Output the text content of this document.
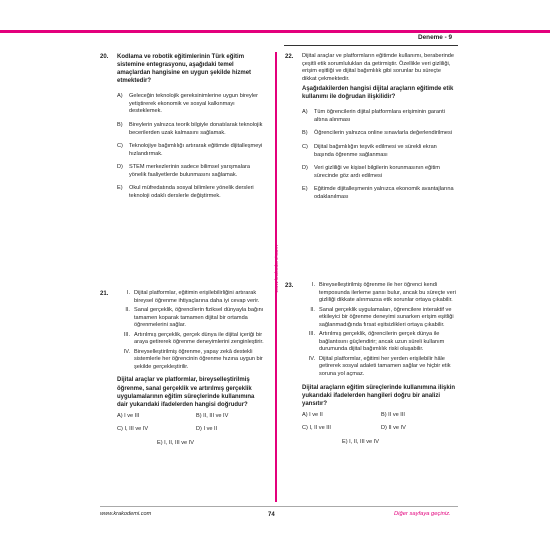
Deneme - 9
www.krakodemi.com
20. Kodlama ve robotik eğitimlerinin Türk eğitim sistemine entegrasyonu, aşağıdaki temel amaçlardan hangisine en uygun şekilde hizmet etmektedir?
A)	Geleceğin teknolojik gereksinimlerine uygun bireyler yetiştirerek ekonomik ve sosyal kalkınmayı desteklemek.
B)	Bireylerin yalnızca teorik bilgiyle donatılarak teknolojik becerilerden uzak kalmasını sağlamak.
C)	Teknolojiye bağımlılığı artırarak eğitimde dijitalleşmeyi hızlandırmak.
D)	STEM merkezlerinin sadece bilimsel yarışmalara yönelik faaliyetlerde bulunmasını sağlamak.
E)	Okul müfredatında sosyal bilimlere yönelik dersleri teknoloji odaklı derslerle değiştirmek.
21.	I. Dijital platformlar, eğitimin erişilebilirliğini artırarak bireysel öğrenme ihtiyaçlarına daha iyi cevap verir.
II. Sanal gerçeklik, öğrencilerin fiziksel dünyayla bağını tamamen koparak tamamen dijital bir ortamda öğrenmelerini sağlar.
III. Artırılmış gerçeklik, gerçek dünya ile dijital içeriği bir araya getirerek öğrenme deneyimlerini zenginleştirir.
IV. Bireyselleştirilmiş öğrenme, yapay zekâ destekli sistemlerle her öğrencinin öğrenme hızına uygun bir şekilde gerçekleştirilir.
Dijital araçlar ve platformlar, bireyselleştirilmiş öğrenme, sanal gerçeklik ve artırılmış gerçeklik uygulamalarının eğitim süreçlerinde kullanımına dair yukarıdaki ifadelerden hangisi doğrudur?
A) I ve III	B) II, III ve IV
C) I, III ve IV	D) I ve II
E) I, II, III ve IV
22. Dijital araçlar ve platformların eğitimde kullanımı, beraberinde çeşitli etik sorumlulukları da getirmiştir. Özellikle veri gizliliği, erişim eşitliği ve dijital bağımlılık gibi sorunlar bu süreçte dikkat çekmektedir.
Aşağıdakilerden hangisi dijital araçların eğitimde etik kullanımı ile doğrudan ilişkilidir?
A)	Tüm öğrencilerin dijital platformlara erişiminin garanti altına alınması
B)	Öğrencilerin yalnızca online sınavlarla değerlendirilmesi
C)	Dijital bağımlılığın teşvik edilmesi ve sürekli ekran başında öğrenme sağlanması
D)	Veri gizliliği ve kişisel bilgilerin korunmasının eğitim sürecinde göz ardı edilmesi
E)	Eğitimde dijitalleşmenin yalnızca ekonomik avantajlarına odaklanılması
23.	I. Bireyselleştirilmiş öğrenme ile her öğrenci kendi temposunda ilerleme şansı bulur, ancak bu süreçte veri gizliliği dikkate alınmazsa etik sorunlar ortaya çıkabilir.
II. Sanal gerçeklik uygulamaları, öğrencilere interaktif ve etkileyici bir öğrenme deneyimi sunarken erişim eşitliği sağlanmadığında fırsat eşitsizlikleri ortaya çıkabilir.
III. Artırılmış gerçeklik, öğrencilerin gerçek dünya ile bağlantısını güçlendirir; ancak uzun süreli kullanım durumunda dijital bağımlılık riski oluşabilir.
IV. Dijital platformlar, eğitimi her yerden erişilebilir hâle getirerek sosyal adaleti tamamen sağlar ve hiçbir etik soruna yol açmaz.
Dijital araçların eğitim süreçlerinde kullanımına ilişkin yukarıdaki ifadelerden hangileri doğru bir analizi yansıtır?
A) I ve II	B) II ve III
C) I, II ve III	D) II ve IV
E) I, II, III ve IV
www.krakodemi.com	74	Diğer sayfaya geçiniz.
